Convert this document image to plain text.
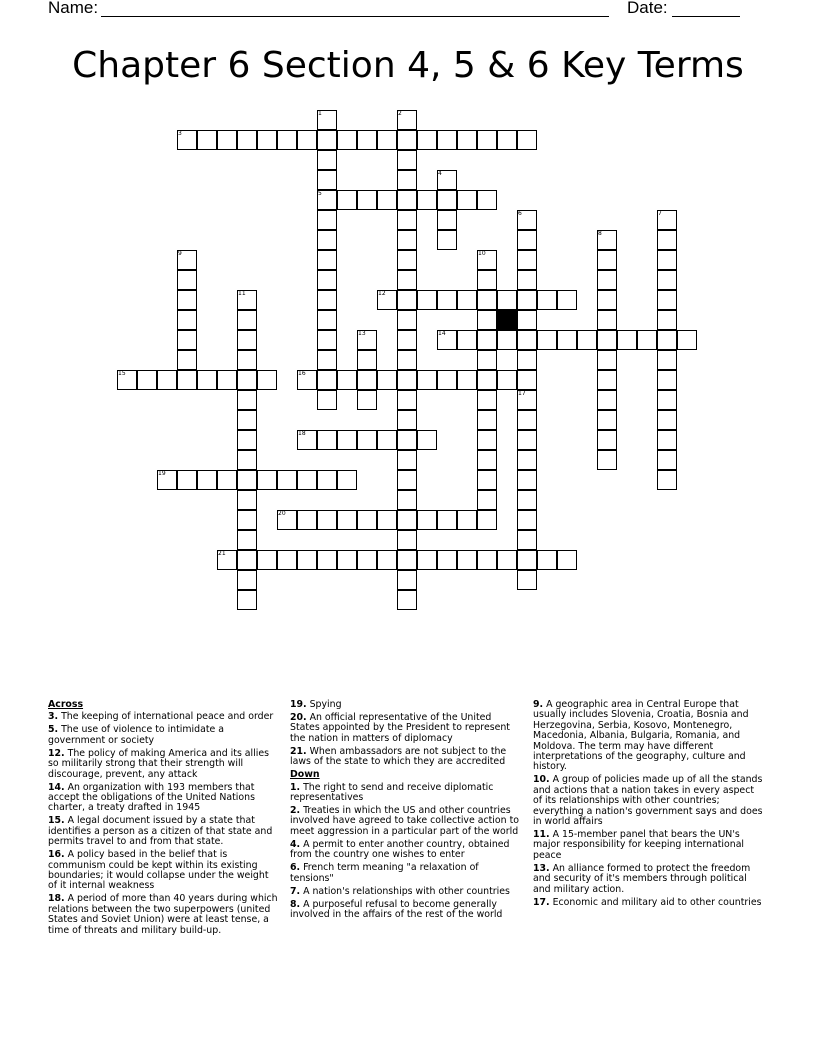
Name:	Date:
Chapter 6 Section 4, 5 & 6 Key Terms
1	2
3
4
5
6	7
8
9	10
11	12
13	14
15	16
17
18
19
20
21
Across
3. The keeping of international peace and order
5. The use of violence to intimidate a government or society
12. The policy of making America and its allies so militarily strong that their strength will discourage, prevent, any attack
14. An organization with 193 members that accept the obligations of the United Nations charter, a treaty drafted in 1945
15. A legal document issued by a state that identifies a person as a citizen of that state and permits travel to and from that state.
16. A policy based in the belief that is communism could be kept within its existing boundaries; it would collapse under the weight of it internal weakness
18. A period of more than 40 years during which relations between the two superpowers (united States and Soviet Union) were at least tense, a time of threats and military build-up.
19. Spying
20. An official representative of the United States appointed by the President to represent the nation in matters of diplomacy
21. When ambassadors are not subject to the laws of the state to which they are accredited
Down
1. The right to send and receive diplomatic representatives
2. Treaties in which the US and other countries involved have agreed to take collective action to meet aggression in a particular part of the world
4. A permit to enter another country, obtained from the country one wishes to enter
6. French term meaning "a relaxation of tensions"
7. A nation's relationships with other countries
8. A purposeful refusal to become generally involved in the affairs of the rest of the world
9. A geographic area in Central Europe that usually includes Slovenia, Croatia, Bosnia and Herzegovina, Serbia, Kosovo, Montenegro, Macedonia, Albania, Bulgaria, Romania, and Moldova. The term may have different interpretations of the geography, culture and history.
10. A group of policies made up of all the stands and actions that a nation takes in every aspect of its relationships with other countries; everything a nation's government says and does in world affairs
11. A 15-member panel that bears the UN's major responsibility for keeping international peace
13. An alliance formed to protect the freedom and security of it's members through political and military action.
17. Economic and military aid to other countries
